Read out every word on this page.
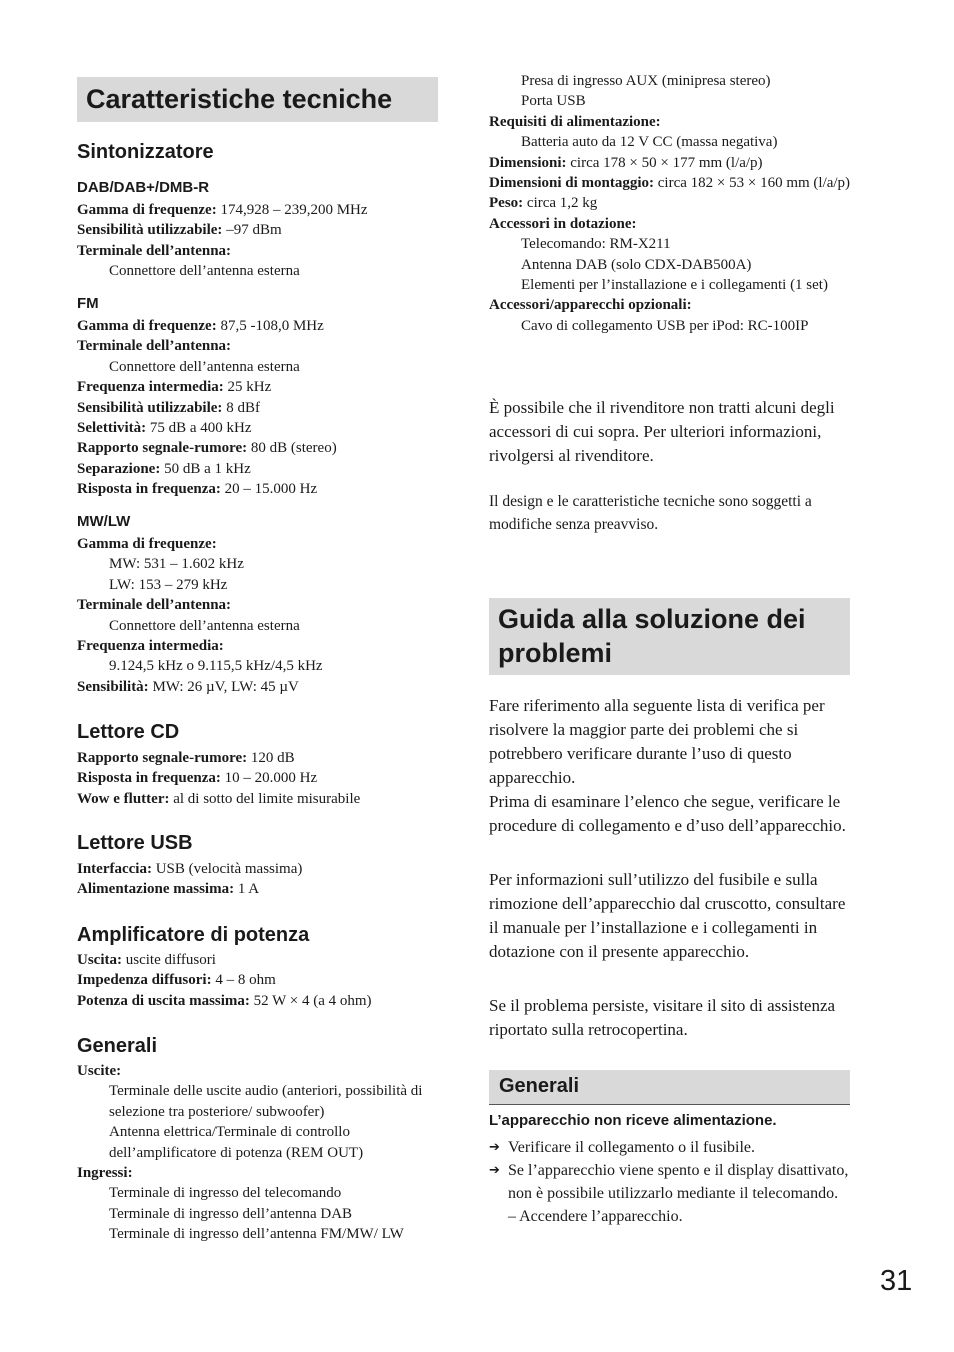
Caratteristiche tecniche
Sintonizzatore
DAB/DAB+/DMB-R

Gamma di frequenze: 174,928 – 239,200 MHz

Sensibilità utilizzabile: –97 dBm

Terminale dell’antenna:

Connettore dell’antenna esterna

FM

Gamma di frequenze: 87,5 -108,0 MHz

Terminale dell’antenna:

Connettore dell’antenna esterna

Frequenza intermedia: 25 kHz

Sensibilità utilizzabile: 8 dBf

Selettività: 75 dB a 400 kHz

Rapporto segnale-rumore: 80 dB (stereo)

Separazione: 50 dB a 1 kHz

Risposta in frequenza: 20 – 15.000 Hz

MW/LW

Gamma di frequenze:

MW: 531 – 1.602 kHz

LW: 153 – 279 kHz

Terminale dell’antenna:

Connettore dell’antenna esterna

Frequenza intermedia:

9.124,5 kHz o 9.115,5 kHz/4,5 kHz

Sensibilità: MW: 26 µV, LW: 45 µV

Lettore CD

Rapporto segnale-rumore: 120 dB

Risposta in frequenza: 10 – 20.000 Hz

Wow e flutter: al di sotto del limite misurabile

Lettore USB

Interfaccia: USB (velocità massima)

Alimentazione massima: 1 A

Amplificatore di potenza

Uscita: uscite diffusori

Impedenza diffusori: 4 – 8 ohm

Potenza di uscita massima: 52 W × 4 (a 4 ohm)

Generali

Uscite:

Terminale delle uscite audio (anteriori, possibilità di selezione tra posteriore/ subwoofer)

Antenna elettrica/Terminale di controllo dell’amplificatore di potenza (REM OUT)

Ingressi:

Terminale di ingresso del telecomando

Terminale di ingresso dell’antenna DAB

Terminale di ingresso dell’antenna FM/MW/ LW

Presa di ingresso AUX (minipresa stereo)

Porta USB

Requisiti di alimentazione:

Batteria auto da 12 V CC (massa negativa)

Dimensioni: circa 178 × 50 × 177 mm (l/a/p)

Dimensioni di montaggio: circa 182 × 53 × 160 mm (l/a/p)

Peso: circa 1,2 kg

Accessori in dotazione:

Telecomando: RM-X211

Antenna DAB (solo CDX-DAB500A)

Elementi per l’installazione e i collegamenti (1 set)

Accessori/apparecchi opzionali:

Cavo di collegamento USB per iPod: RC-100IP

È possibile che il rivenditore non tratti alcuni degli accessori di cui sopra. Per ulteriori informazioni, rivolgersi al rivenditore.
Il design e le caratteristiche tecniche sono soggetti a modifiche senza preavviso.
Guida alla soluzione dei problemi

Fare riferimento alla seguente lista di verifica per risolvere la maggior parte dei problemi che si potrebbero verificare durante l’uso di questo apparecchio.

Prima di esaminare l’elenco che segue, verificare le procedure di collegamento e d’uso dell’apparecchio.

Per informazioni sull’utilizzo del fusibile e sulla rimozione dell’apparecchio dal cruscotto, consultare il manuale per l’installazione e i collegamenti in dotazione con il presente apparecchio.
Se il problema persiste, visitare il sito di assistenza riportato sulla retrocopertina.
Generali
L’apparecchio non riceve alimentazione.
➔ Verificare il collegamento o il fusibile.
➔ Se l’apparecchio viene spento e il display disattivato, non è possibile utilizzarlo mediante il telecomando.
– Accendere l’apparecchio.
31
